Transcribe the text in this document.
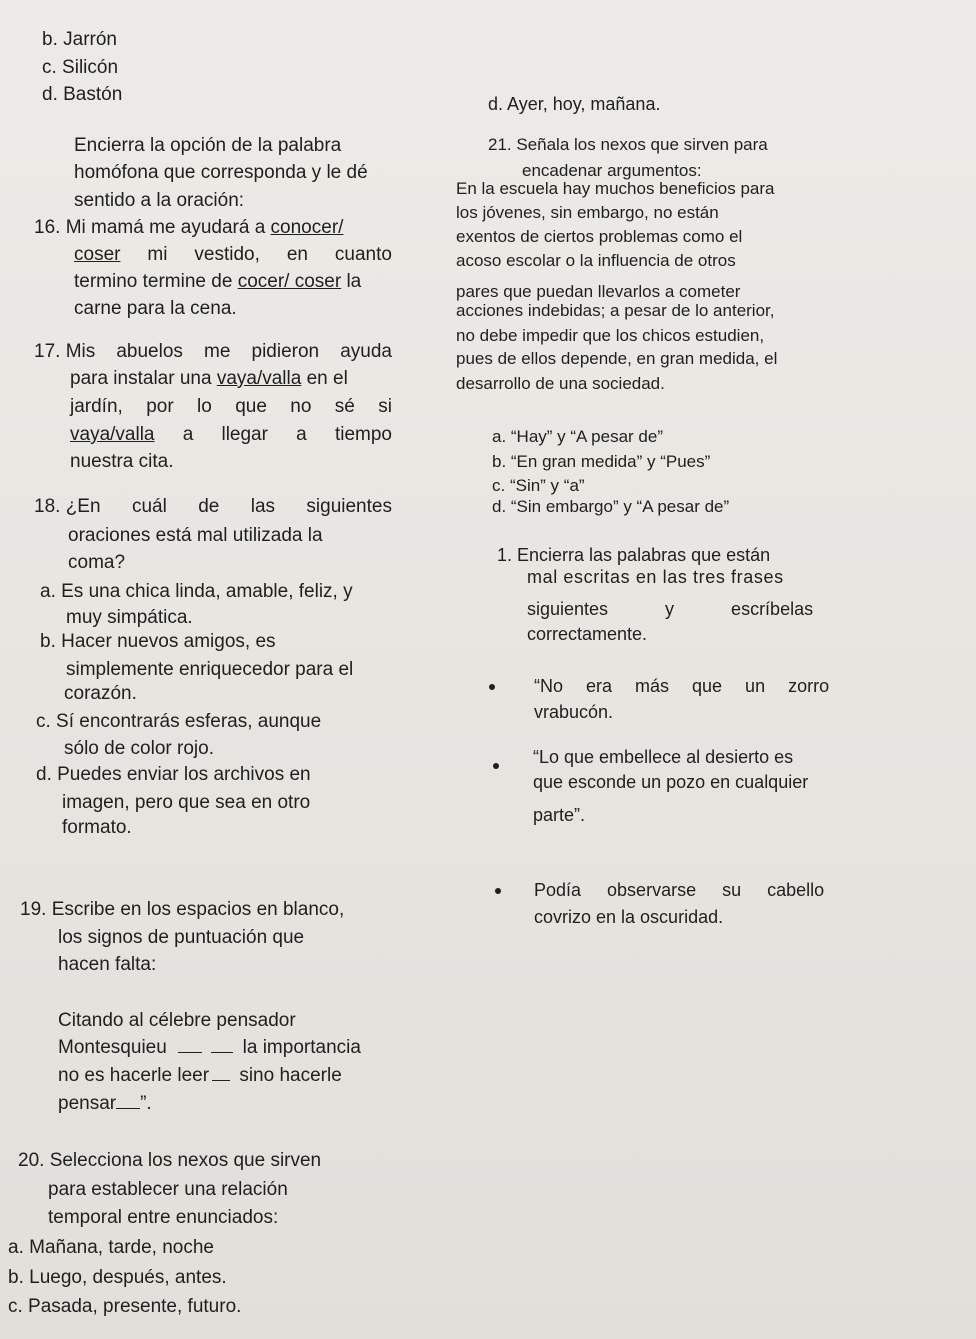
b. Jarrón
c. Silicón
d. Bastón
Encierra la opción de la palabra
homófona que corresponda y le dé
sentido a la oración:
16. Mi mamá me ayudará a conocer/
coser mi vestido, en cuanto
termino termine de cocer/ coser la
carne para la cena.
17. Mis abuelos me pidieron ayuda
para instalar una vaya/valla en el
jardín, por lo que no sé si
vaya/valla a llegar a tiempo
nuestra cita.
18. ¿En cuál de las siguientes
oraciones está mal utilizada la
coma?
a. Es una chica linda, amable, feliz, y
muy simpática.
b. Hacer nuevos amigos, es
simplemente enriquecedor para el
corazón.
c. Sí encontrarás esferas, aunque
sólo de color rojo.
d. Puedes enviar los archivos en
imagen, pero que sea en otro
formato.
19. Escribe en los espacios en blanco,
los signos de puntuación que
hacen falta:
Citando al célebre pensador
Montesquieu	la importancia
no es hacerle leer sino hacerle
pensar ”.
20. Selecciona los nexos que sirven
para establecer una relación
temporal entre enunciados:
a. Mañana, tarde, noche
b. Luego, después, antes.
c. Pasada, presente, futuro.
d. Ayer, hoy, mañana.
21. Señala los nexos que sirven para
encadenar argumentos:
En la escuela hay muchos beneficios para
los jóvenes, sin embargo, no están
exentos de ciertos problemas como el
acoso escolar o la influencia de otros
pares que puedan llevarlos a cometer
acciones indebidas; a pesar de lo anterior,
no debe impedir que los chicos estudien,
pues de ellos depende, en gran medida, el
desarrollo de una sociedad.
a. “Hay” y “A pesar de”
b. “En gran medida” y “Pues”
c. “Sin” y “a”
d. “Sin embargo” y “A pesar de”
1. Encierra las palabras que están
mal escritas en las tres frases
siguientes y escríbelas
correctamente.
“No era más que un zorro
vrabucón.
“Lo que embellece al desierto es
que esconde un pozo en cualquier
parte”.
Podía observarse su cabello
covrizo en la oscuridad.
